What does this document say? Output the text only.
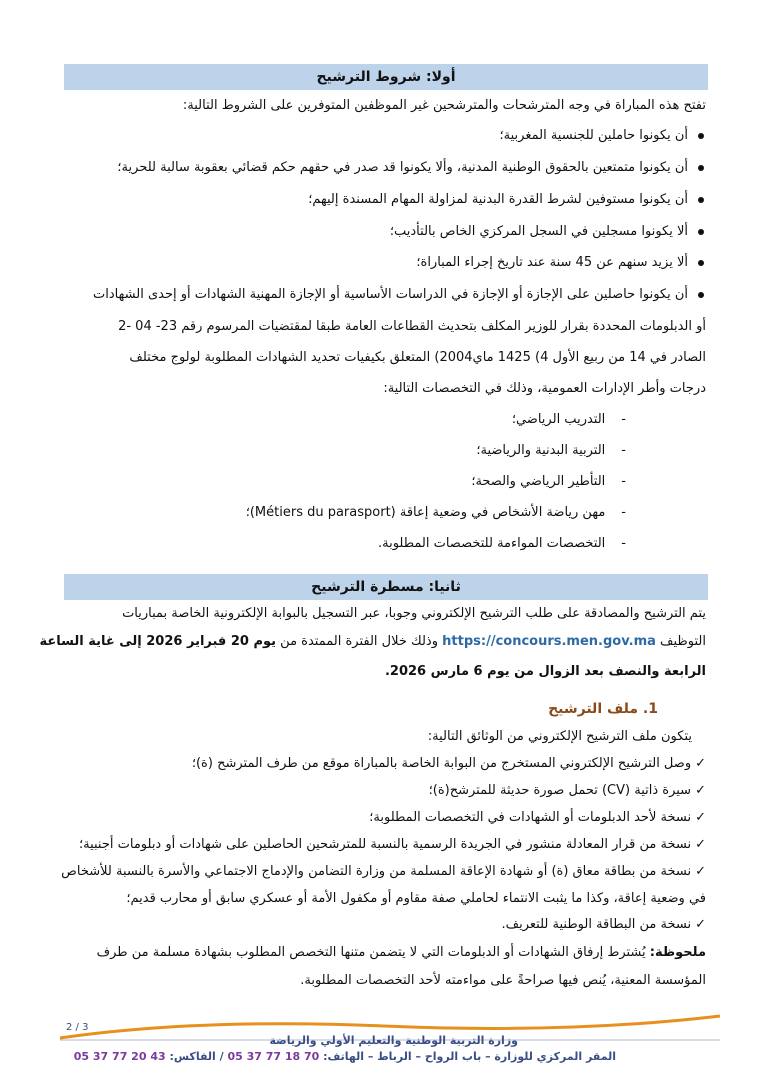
أولا: شروط الترشيح
تفتح هذه المباراة في وجه المترشحات والمترشحين غير الموظفين المتوفرين على الشروط التالية:
أن يكونوا حاملين للجنسية المغربية؛
أن يكونوا متمتعين بالحقوق الوطنية المدنية، وألا يكونوا قد صدر في حقهم حكم قضائي بعقوبة سالبة للحرية؛
أن يكونوا مستوفين لشرط القدرة البدنية لمزاولة المهام المسندة إليهم؛
ألا يكونوا مسجلين في السجل المركزي الخاص بالتأديب؛
ألا يزيد سنهم عن 45 سنة عند تاريخ إجراء المباراة؛
أن يكونوا حاصلين على الإجازة أو الإجازة في الدراسات الأساسية أو الإجازة المهنية الشهادات أو إحدى الشهادات
أو الدبلومات المحددة بقرار للوزير المكلف بتحديث القطاعات العامة طبقا لمقتضيات المرسوم رقم 23- 04 -2
الصادر في 14 من ربيع الأول 4) 1425 ماي2004) المتعلق بكيفيات تحديد الشهادات المطلوبة لولوج مختلف
درجات وأطر الإدارات العمومية، وذلك في التخصصات التالية:
-التدريب الرياضي؛
-التربية البدنية والرياضية؛
-التأطير الرياضي والصحة؛
-مهن رياضة الأشخاص في وضعية إعاقة (Métiers du parasport)؛
-التخصصات المواءمة للتخصصات المطلوبة.
ثانيا: مسطرة الترشيح
يتم الترشيح والمصادقة على طلب الترشيح الإلكتروني وجوبا، عبر التسجيل بالبوابة الإلكترونية الخاصة بمباريات
التوظيف https://concours.men.gov.ma وذلك خلال الفترة الممتدة من يوم 20 فبراير 2026 إلى غاية الساعة
الرابعة والنصف بعد الزوال من يوم 6 مارس 2026.
1. ملف الترشيح
يتكون ملف الترشيح الإلكتروني من الوثائق التالية:
✓وصل الترشيح الإلكتروني المستخرج من البوابة الخاصة بالمباراة موقع من طرف المترشح (ة)؛
✓سيرة ذاتية (CV) تحمل صورة حديثة للمترشح(ة)؛
✓نسخة لأحد الدبلومات أو الشهادات في التخصصات المطلوبة؛
✓نسخة من قرار المعادلة منشور في الجريدة الرسمية بالنسبة للمترشحين الحاصلين على شهادات أو دبلومات أجنبية؛
✓نسخة من بطاقة معاق (ة) أو شهادة الإعاقة المسلمة من وزارة التضامن والإدماج الاجتماعي والأسرة بالنسبة للأشخاص
في وضعية إعاقة، وكذا ما يثبت الانتماء لحاملي صفة مقاوم أو مكفول الأمة أو عسكري سابق أو محارب قديم؛
✓نسخة من البطاقة الوطنية للتعريف.
ملحوظة: يُشترط إرفاق الشهادات أو الدبلومات التي لا يتضمن متنها التخصص المطلوب بشهادة مسلمة من طرف
المؤسسة المعنية، يُنص فيها صراحةً على مواءمته لأحد التخصصات المطلوبة.
2 / 3
وزارة التربية الوطنية والتعليم الأولي والرياضة
المقر المركزي للوزارة – باب الرواح – الرباط – الهاتف: 05 37 77 18 70 / الفاكس: 05 37 77 20 43
